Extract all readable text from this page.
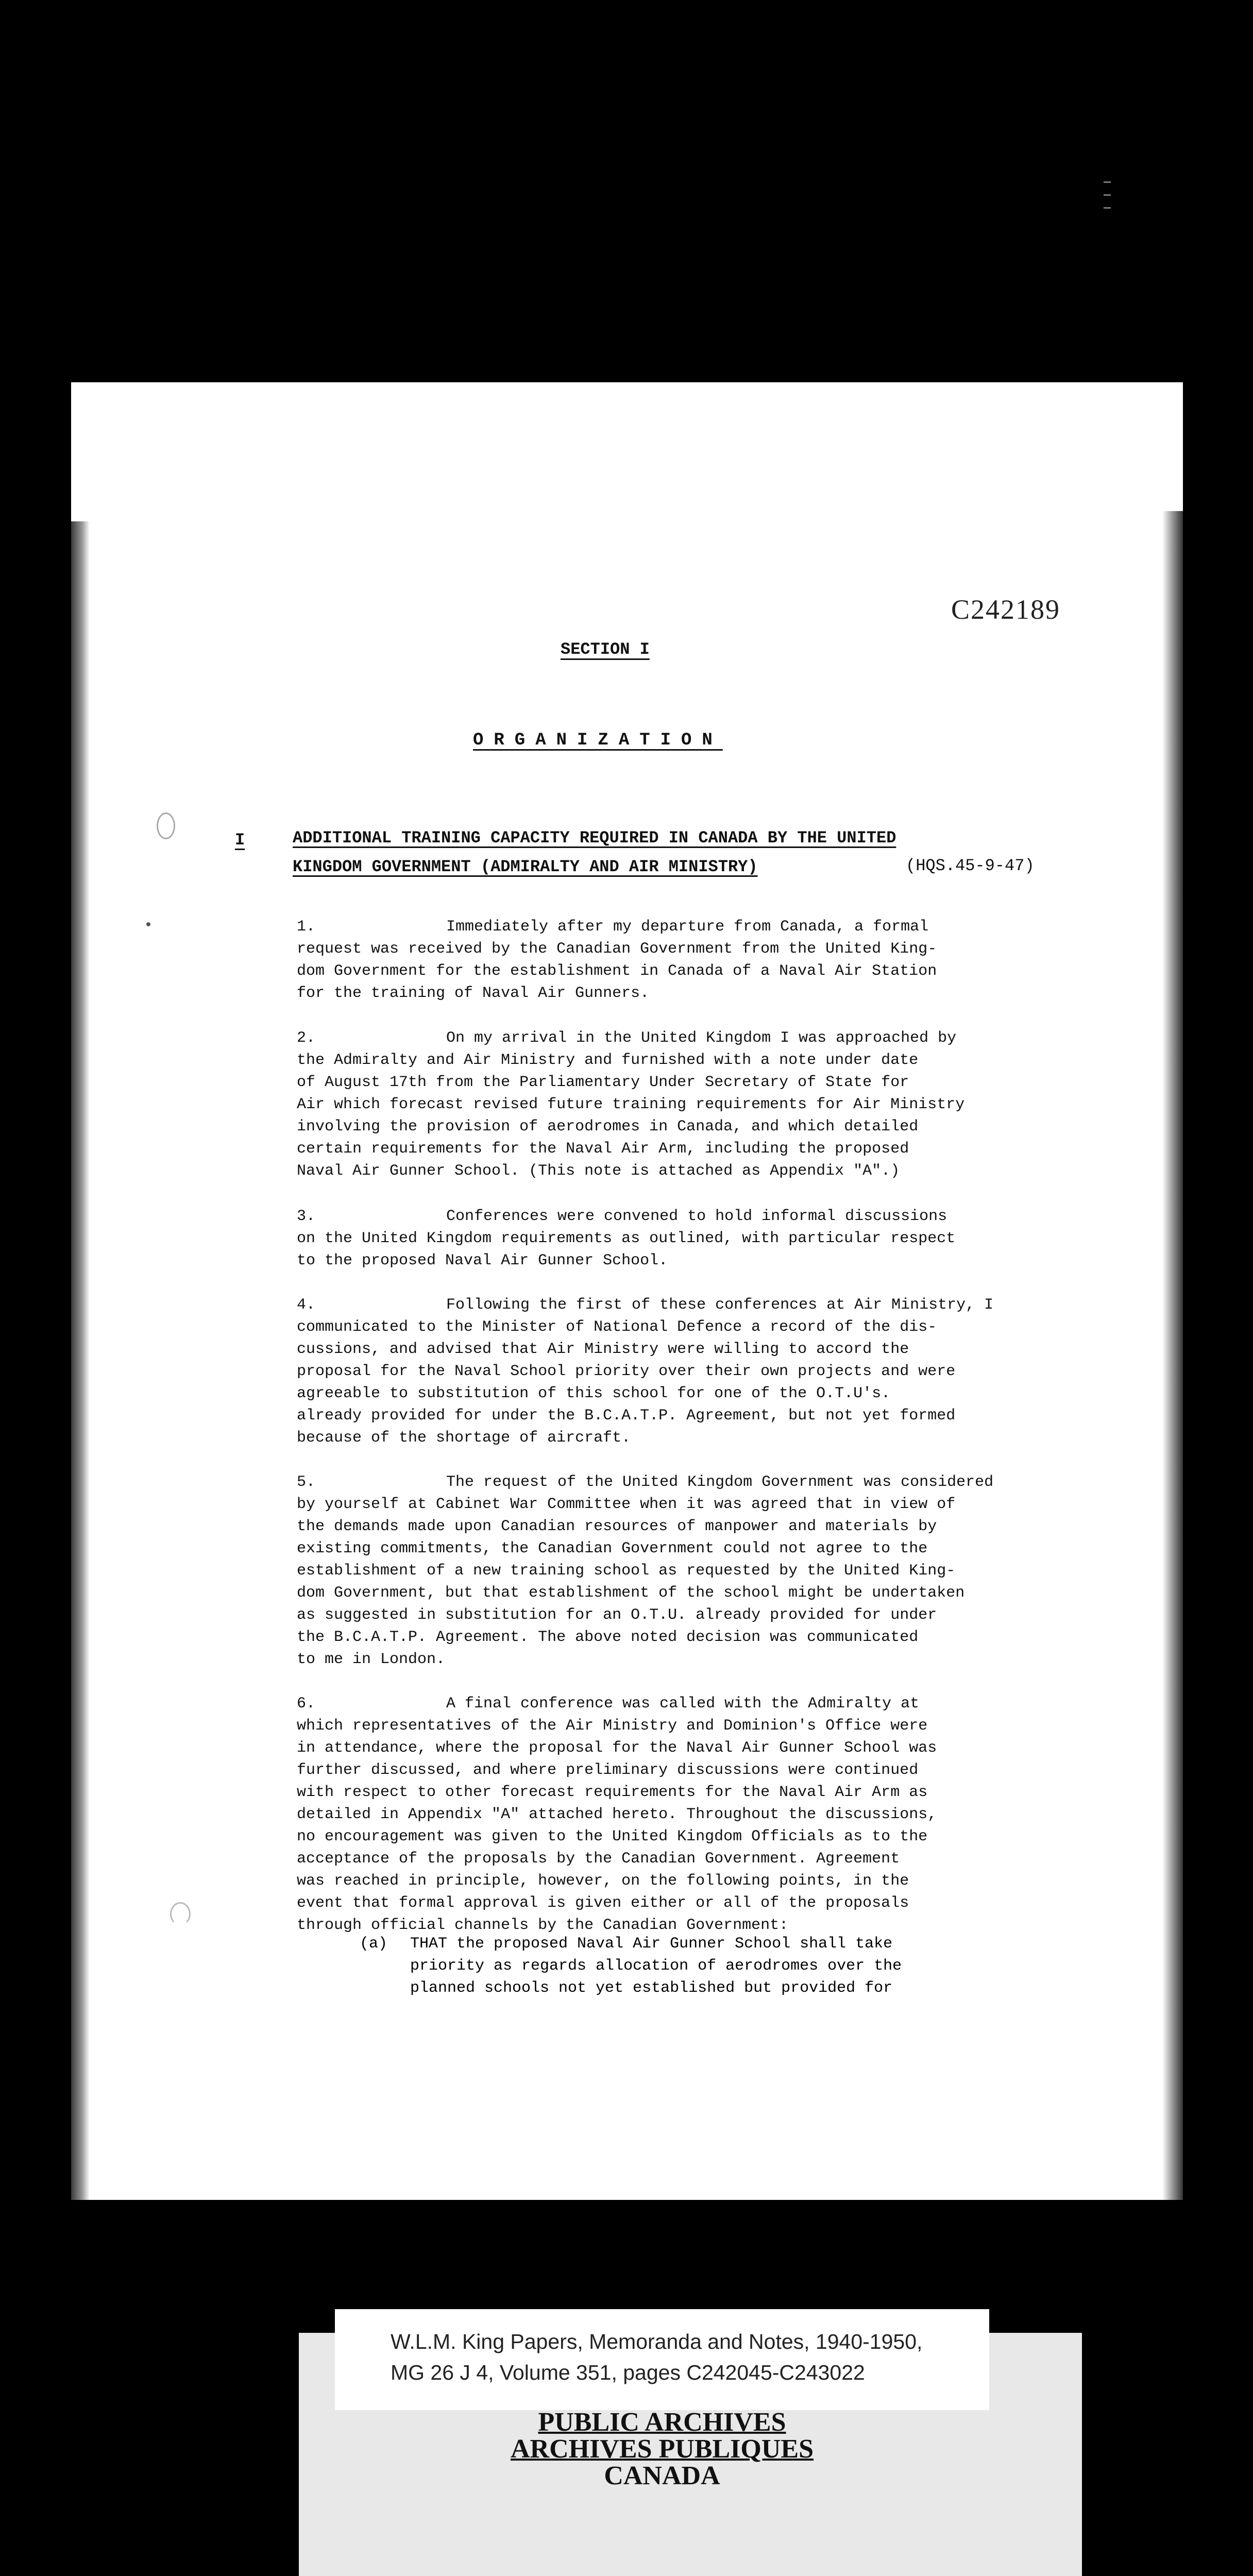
C242189
SECTION I
ORGANIZATION
I	ADDITIONAL TRAINING CAPACITY REQUIRED IN CANADA BY THE UNITED
KINGDOM GOVERNMENT (ADMIRALTY AND AIR MINISTRY)	(HQS.45-9-47)
1.	Immediately after my departure from Canada, a formal
request was received by the Canadian Government from the United King-
dom Government for the establishment in Canada of a Naval Air Station
for the training of Naval Air Gunners.
2.	On my arrival in the United Kingdom I was approached by
the Admiralty and Air Ministry and furnished with a note under date
of August 17th from the Parliamentary Under Secretary of State for
Air which forecast revised future training requirements for Air Ministry
involving the provision of aerodromes in Canada, and which detailed
certain requirements for the Naval Air Arm, including the proposed
Naval Air Gunner School. (This note is attached as Appendix "A".)
3.	Conferences were convened to hold informal discussions
on the United Kingdom requirements as outlined, with particular respect
to the proposed Naval Air Gunner School.
4.	Following the first of these conferences at Air Ministry, I
communicated to the Minister of National Defence a record of the dis-
cussions, and advised that Air Ministry were willing to accord the
proposal for the Naval School priority over their own projects and were
agreeable to substitution of this school for one of the O.T.U's.
already provided for under the B.C.A.T.P. Agreement, but not yet formed
because of the shortage of aircraft.
5.	The request of the United Kingdom Government was considered
by yourself at Cabinet War Committee when it was agreed that in view of
the demands made upon Canadian resources of manpower and materials by
existing commitments, the Canadian Government could not agree to the
establishment of a new training school as requested by the United King-
dom Government, but that establishment of the school might be undertaken
as suggested in substitution for an O.T.U. already provided for under
the B.C.A.T.P. Agreement. The above noted decision was communicated
to me in London.
6.	A final conference was called with the Admiralty at
which representatives of the Air Ministry and Dominion's Office were
in attendance, where the proposal for the Naval Air Gunner School was
further discussed, and where preliminary discussions were continued
with respect to other forecast requirements for the Naval Air Arm as
detailed in Appendix "A" attached hereto. Throughout the discussions,
no encouragement was given to the United Kingdom Officials as to the
acceptance of the proposals by the Canadian Government. Agreement
was reached in principle, however, on the following points, in the
event that formal approval is given either or all of the proposals
through official channels by the Canadian Government:
(a) THAT the proposed Naval Air Gunner School shall take
priority as regards allocation of aerodromes over the
planned schools not yet established but provided for
W.L.M. King Papers, Memoranda and Notes, 1940-1950,
MG 26 J 4, Volume 351, pages C242045-C243022
PUBLIC ARCHIVES
ARCHIVES PUBLIQUES
CANADA
